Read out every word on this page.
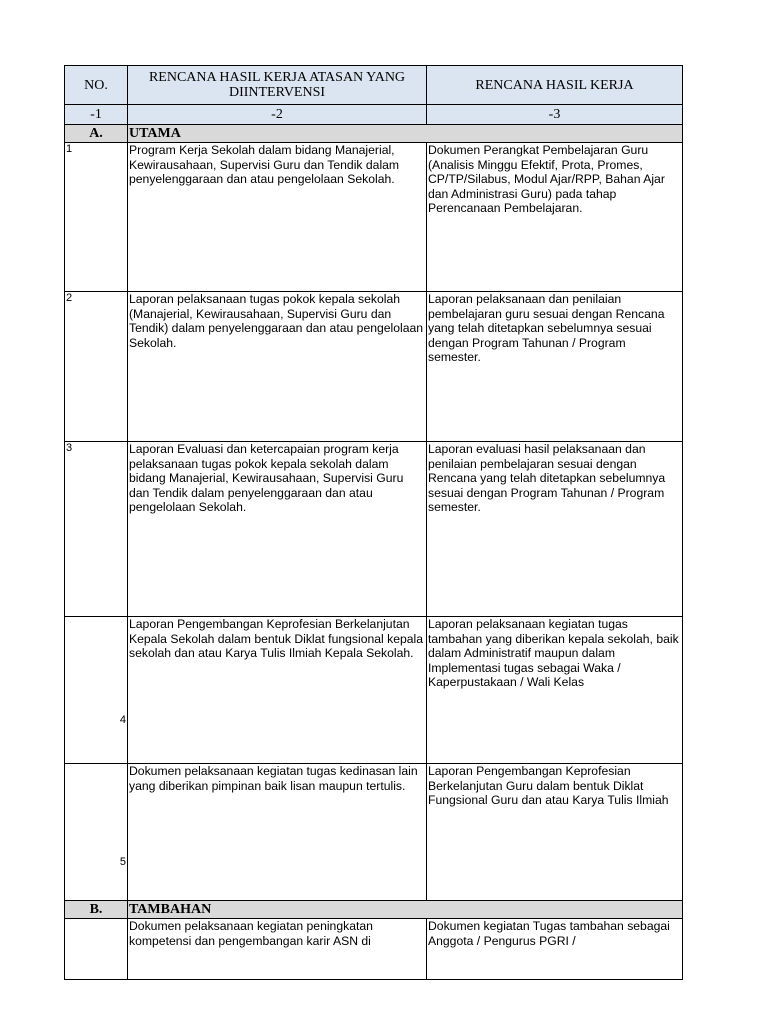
NO.	RENCANA HASIL KERJA ATASAN YANG DIINTERVENSI	RENCANA HASIL KERJA
-1	-2	-3
A.	UTAMA	
1	Program Kerja Sekolah dalam bidang Manajerial, Kewirausahaan, Supervisi Guru dan Tendik dalam penyelenggaraan dan atau pengelolaan Sekolah.	Dokumen Perangkat Pembelajaran Guru (Analisis Minggu Efektif, Prota, Promes, CP/TP/Silabus, Modul Ajar/RPP, Bahan Ajar dan Administrasi Guru) pada tahap Perencanaan Pembelajaran.
2	Laporan pelaksanaan tugas pokok kepala sekolah (Manajerial, Kewirausahaan, Supervisi Guru dan Tendik) dalam penyelenggaraan dan atau pengelolaan Sekolah.	Laporan pelaksanaan dan penilaian pembelajaran guru sesuai dengan Rencana yang telah ditetapkan sebelumnya sesuai dengan Program Tahunan / Program semester.
3	Laporan Evaluasi dan ketercapaian program kerja pelaksanaan tugas pokok kepala sekolah dalam bidang Manajerial, Kewirausahaan, Supervisi Guru dan Tendik dalam penyelenggaraan dan atau pengelolaan Sekolah.	Laporan evaluasi hasil pelaksanaan dan penilaian pembelajaran sesuai dengan Rencana yang telah ditetapkan sebelumnya sesuai dengan Program Tahunan / Program semester.

4	Laporan Pengembangan Keprofesian Berkelanjutan Kepala Sekolah dalam bentuk Diklat fungsional kepala sekolah dan atau Karya Tulis Ilmiah Kepala Sekolah.	Laporan pelaksanaan kegiatan tugas tambahan yang diberikan kepala sekolah, baik dalam Administratif maupun dalam Implementasi tugas sebagai Waka / Kaperpustakaan / Wali Kelas

5	Dokumen pelaksanaan kegiatan tugas kedinasan lain yang diberikan pimpinan baik lisan maupun tertulis.	Laporan Pengembangan Keprofesian Berkelanjutan Guru dalam bentuk Diklat Fungsional Guru dan atau Karya Tulis Ilmiah
B.	TAMBAHAN	
	Dokumen pelaksanaan kegiatan peningkatan kompetensi dan pengembangan karir ASN di	Dokumen kegiatan Tugas tambahan sebagai Anggota / Pengurus PGRI /
